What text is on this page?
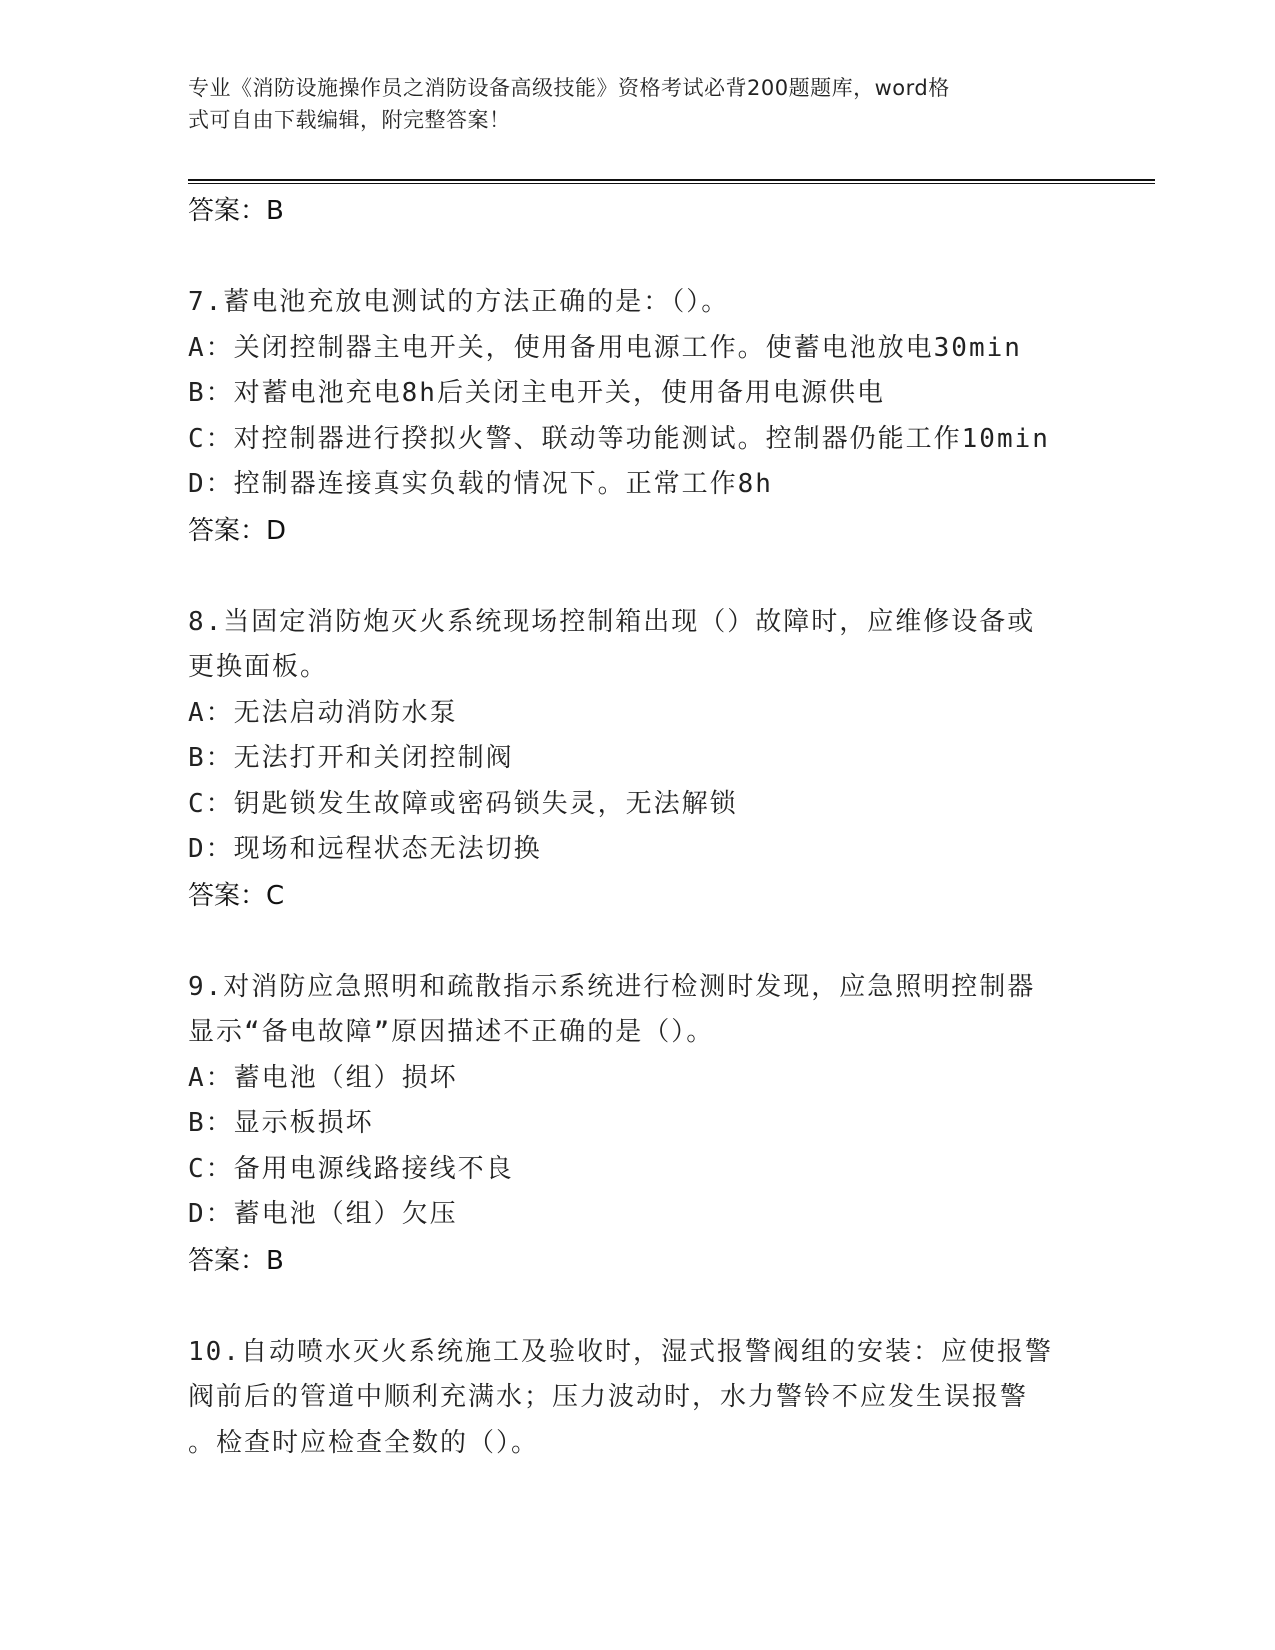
专业《消防设施操作员之消防设备高级技能》资格考试必背200题题库，word格
式可自由下载编辑，附完整答案！
答案：B
7.蓄电池充放电测试的方法正确的是：（）。
A：关闭控制器主电开关，使用备用电源工作。使蓄电池放电30min
B：对蓄电池充电8h后关闭主电开关，使用备用电源供电
C：对控制器进行揆拟火警、联动等功能测试。控制器仍能工作10min
D：控制器连接真实负载的情况下。正常工作8h
答案：D
8.当固定消防炮灭火系统现场控制箱出现（）故障时，应维修设备或
更换面板。
A：无法启动消防水泵
B：无法打开和关闭控制阀
C：钥匙锁发生故障或密码锁失灵，无法解锁
D：现场和远程状态无法切换
答案：C
9.对消防应急照明和疏散指示系统进行检测时发现，应急照明控制器
显示“备电故障”原因描述不正确的是（）。
A：蓄电池（组）损坏
B：显示板损坏
C：备用电源线路接线不良
D：蓄电池（组）欠压
答案：B
10.自动喷水灭火系统施工及验收时，湿式报警阀组的安装：应使报警
阀前后的管道中顺利充满水；压力波动时，水力警铃不应发生误报警
。检查时应检查全数的（）。
